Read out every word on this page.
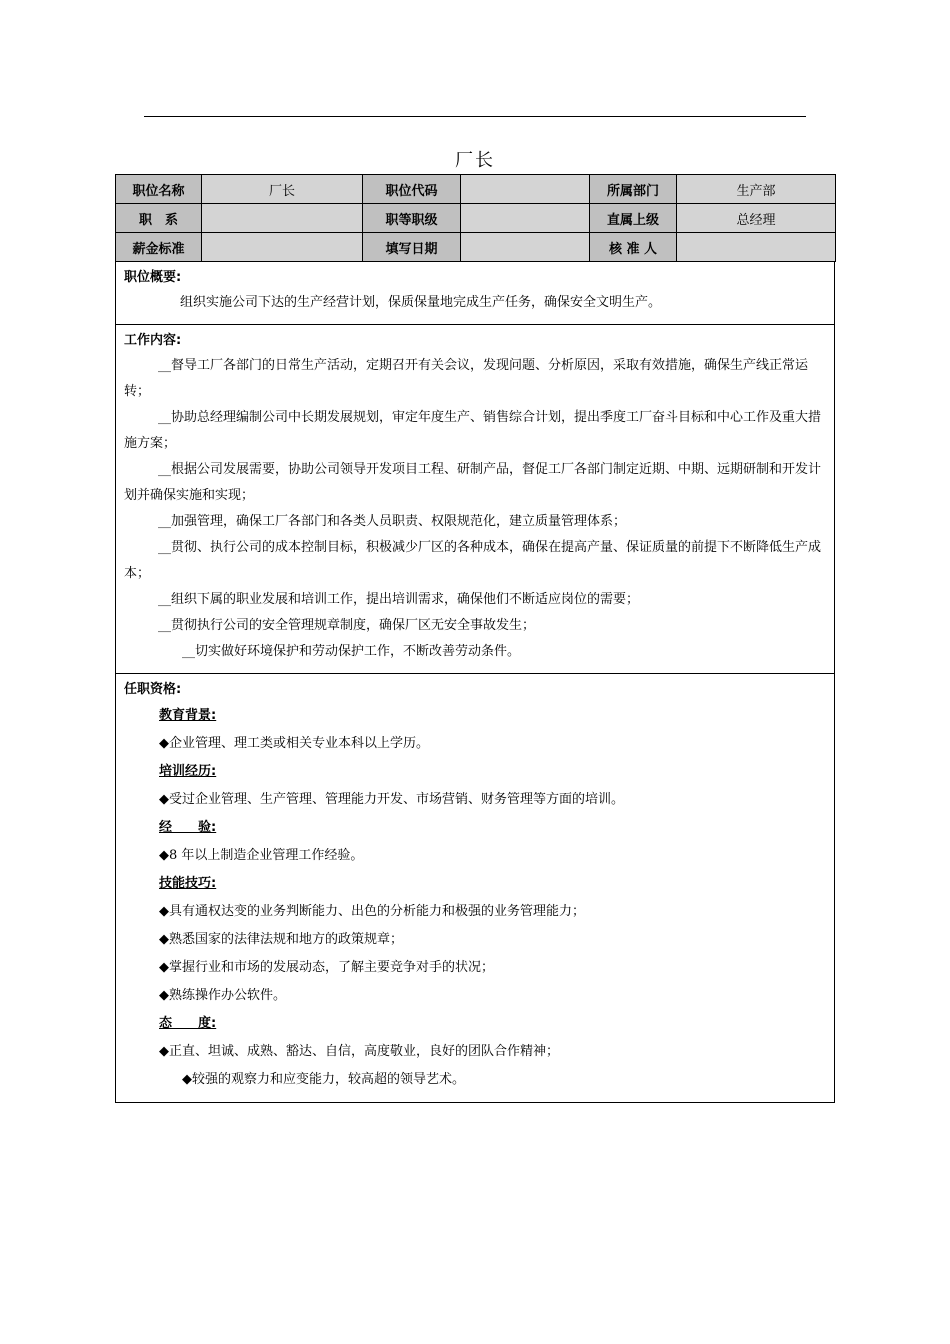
厂长
职位名称	厂长	职位代码		所属部门	生产部
职　系		职等职级		直属上级	总经理
薪金标准		填写日期		核 准 人	
职位概要:
组织实施公司下达的生产经营计划，保质保量地完成生产任务，确保安全文明生产。
工作内容:
__督导工厂各部门的日常生产活动，定期召开有关会议，发现问题、分析原因，采取有效措施，确保生产线正常运转；
__协助总经理编制公司中长期发展规划，审定年度生产、销售综合计划，提出季度工厂奋斗目标和中心工作及重大措施方案；
__根据公司发展需要，协助公司领导开发项目工程、研制产品，督促工厂各部门制定近期、中期、远期研制和开发计划并确保实施和实现；
__加强管理，确保工厂各部门和各类人员职责、权限规范化，建立质量管理体系；
__贯彻、执行公司的成本控制目标，积极减少厂区的各种成本，确保在提高产量、保证质量的前提下不断降低生产成本；
__组织下属的职业发展和培训工作，提出培训需求，确保他们不断适应岗位的需要；
__贯彻执行公司的安全管理规章制度，确保厂区无安全事故发生；
__切实做好环境保护和劳动保护工作，不断改善劳动条件。
任职资格:
教育背景:
◆企业管理、理工类或相关专业本科以上学历。
培训经历:
◆受过企业管理、生产管理、管理能力开发、市场营销、财务管理等方面的培训。
经　　验:
◆8 年以上制造企业管理工作经验。
技能技巧:
◆具有通权达变的业务判断能力、出色的分析能力和极强的业务管理能力；
◆熟悉国家的法律法规和地方的政策规章；
◆掌握行业和市场的发展动态，了解主要竞争对手的状况；
◆熟练操作办公软件。
态　　度:
◆正直、坦诚、成熟、豁达、自信，高度敬业，良好的团队合作精神；
◆较强的观察力和应变能力，较高超的领导艺术。
